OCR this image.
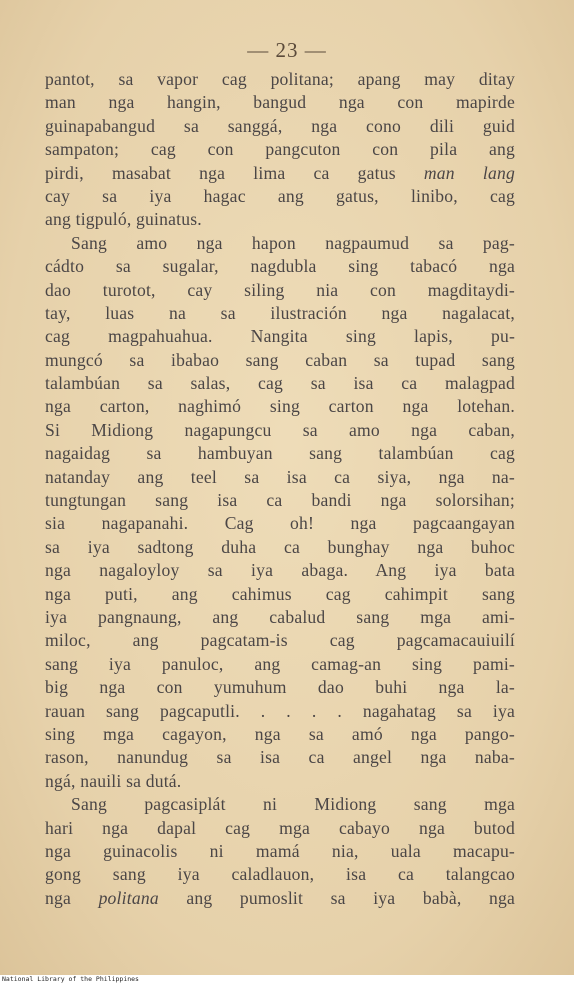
— 23 —
pantot, sa vapor cag politana; apang may ditay
man nga hangin, bangud nga con mapirde
guinapabangud sa sanggá, nga cono dili guid
sampaton; cag con pangcuton con pila ang
pirdi, masabat nga lima ca gatus man lang
cay sa iya hagac ang gatus, linibo, cag
ang tigpuló, guinatus.
Sang amo nga hapon nagpaumud sa pag-
cádto sa sugalar, nagdubla sing tabacó nga
dao turotot, cay siling nia con magditaydi-
tay, luas na sa ilustración nga nagalacat,
cag magpahuahua. Nangita sing lapis, pu-
mungcó sa ibabao sang caban sa tupad sang
talambúan sa salas, cag sa isa ca malagpad
nga carton, naghimó sing carton nga lotehan.
Si Midiong nagapungcu sa amo nga caban,
nagaidag sa hambuyan sang talambúan cag
natanday ang teel sa isa ca siya, nga na-
tungtungan sang isa ca bandi nga solorsihan;
sia nagapanahi. Cag oh! nga pagcaangayan
sa iya sadtong duha ca bunghay nga buhoc
nga nagaloyloy sa iya abaga. Ang iya bata
nga puti, ang cahimus cag cahimpit sang
iya pangnaung, ang cabalud sang mga ami-
miloc, ang pagcatam-is cag pagcamacauiuilí
sang iya panuloc, ang camag-an sing pami-
big nga con yumuhum dao buhi nga la-
rauan sang pagcaputli. . . . . nagahatag sa iya
sing mga cagayon, nga sa amó nga pango-
rason, nanundug sa isa ca angel nga naba-
ngá, nauili sa dutá.
Sang pagcasiplát ni Midiong sang mga
hari nga dapal cag mga cabayo nga butod
nga guinacolis ni mamá nia, uala macapu-
gong sang iya caladlauon, isa ca talangcao
nga politana ang pumoslit sa iya babà, nga
National Library of the Philippines
